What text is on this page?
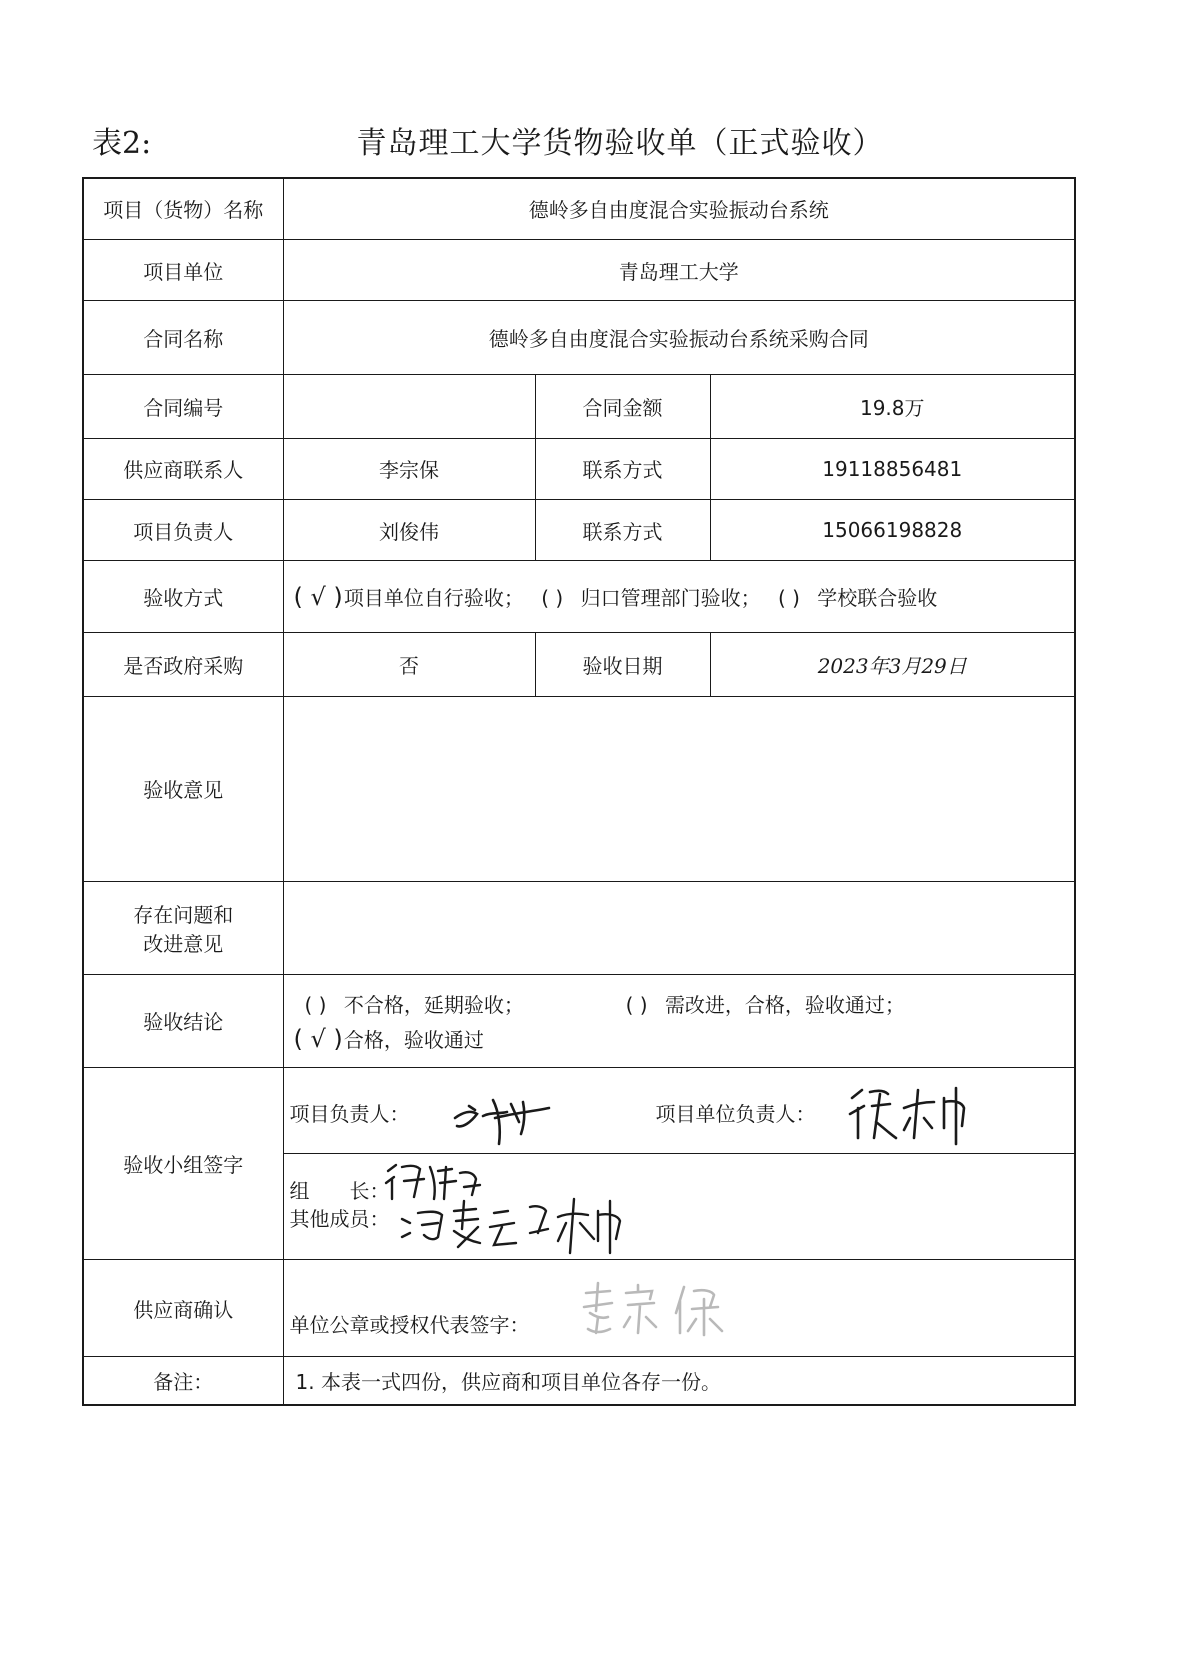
表2:	青岛理工大学货物验收单（正式验收）
项目（货物）名称	德岭多自由度混合实验振动台系统		
项目单位	青岛理工大学		
合同名称	德岭多自由度混合实验振动台系统采购合同		
合同编号		合同金额	19.8万
供应商联系人	李宗保	联系方式	19118856481
项目负责人	刘俊伟	联系方式	15066198828
验收方式	( √ ) 项目单位自行验收； ( ) 归口管理部门验收； ( ) 学校联合验收		

是否政府采购	否	验收日期	2023年3月29日
验收意见			

存在问题和
改进意见			

验收结论	( ) 不合格，延期验收； ( ) 需改进，合格，验收通过；
( √ ) 合格，验收通过		

验收小组签字	项目负责人： 项目单位负责人：		

	组　　长：
其他成员：		

供应商确认	单位公章或授权代表签字：		

备注：	1. 本表一式四份，供应商和项目单位各存一份。		
